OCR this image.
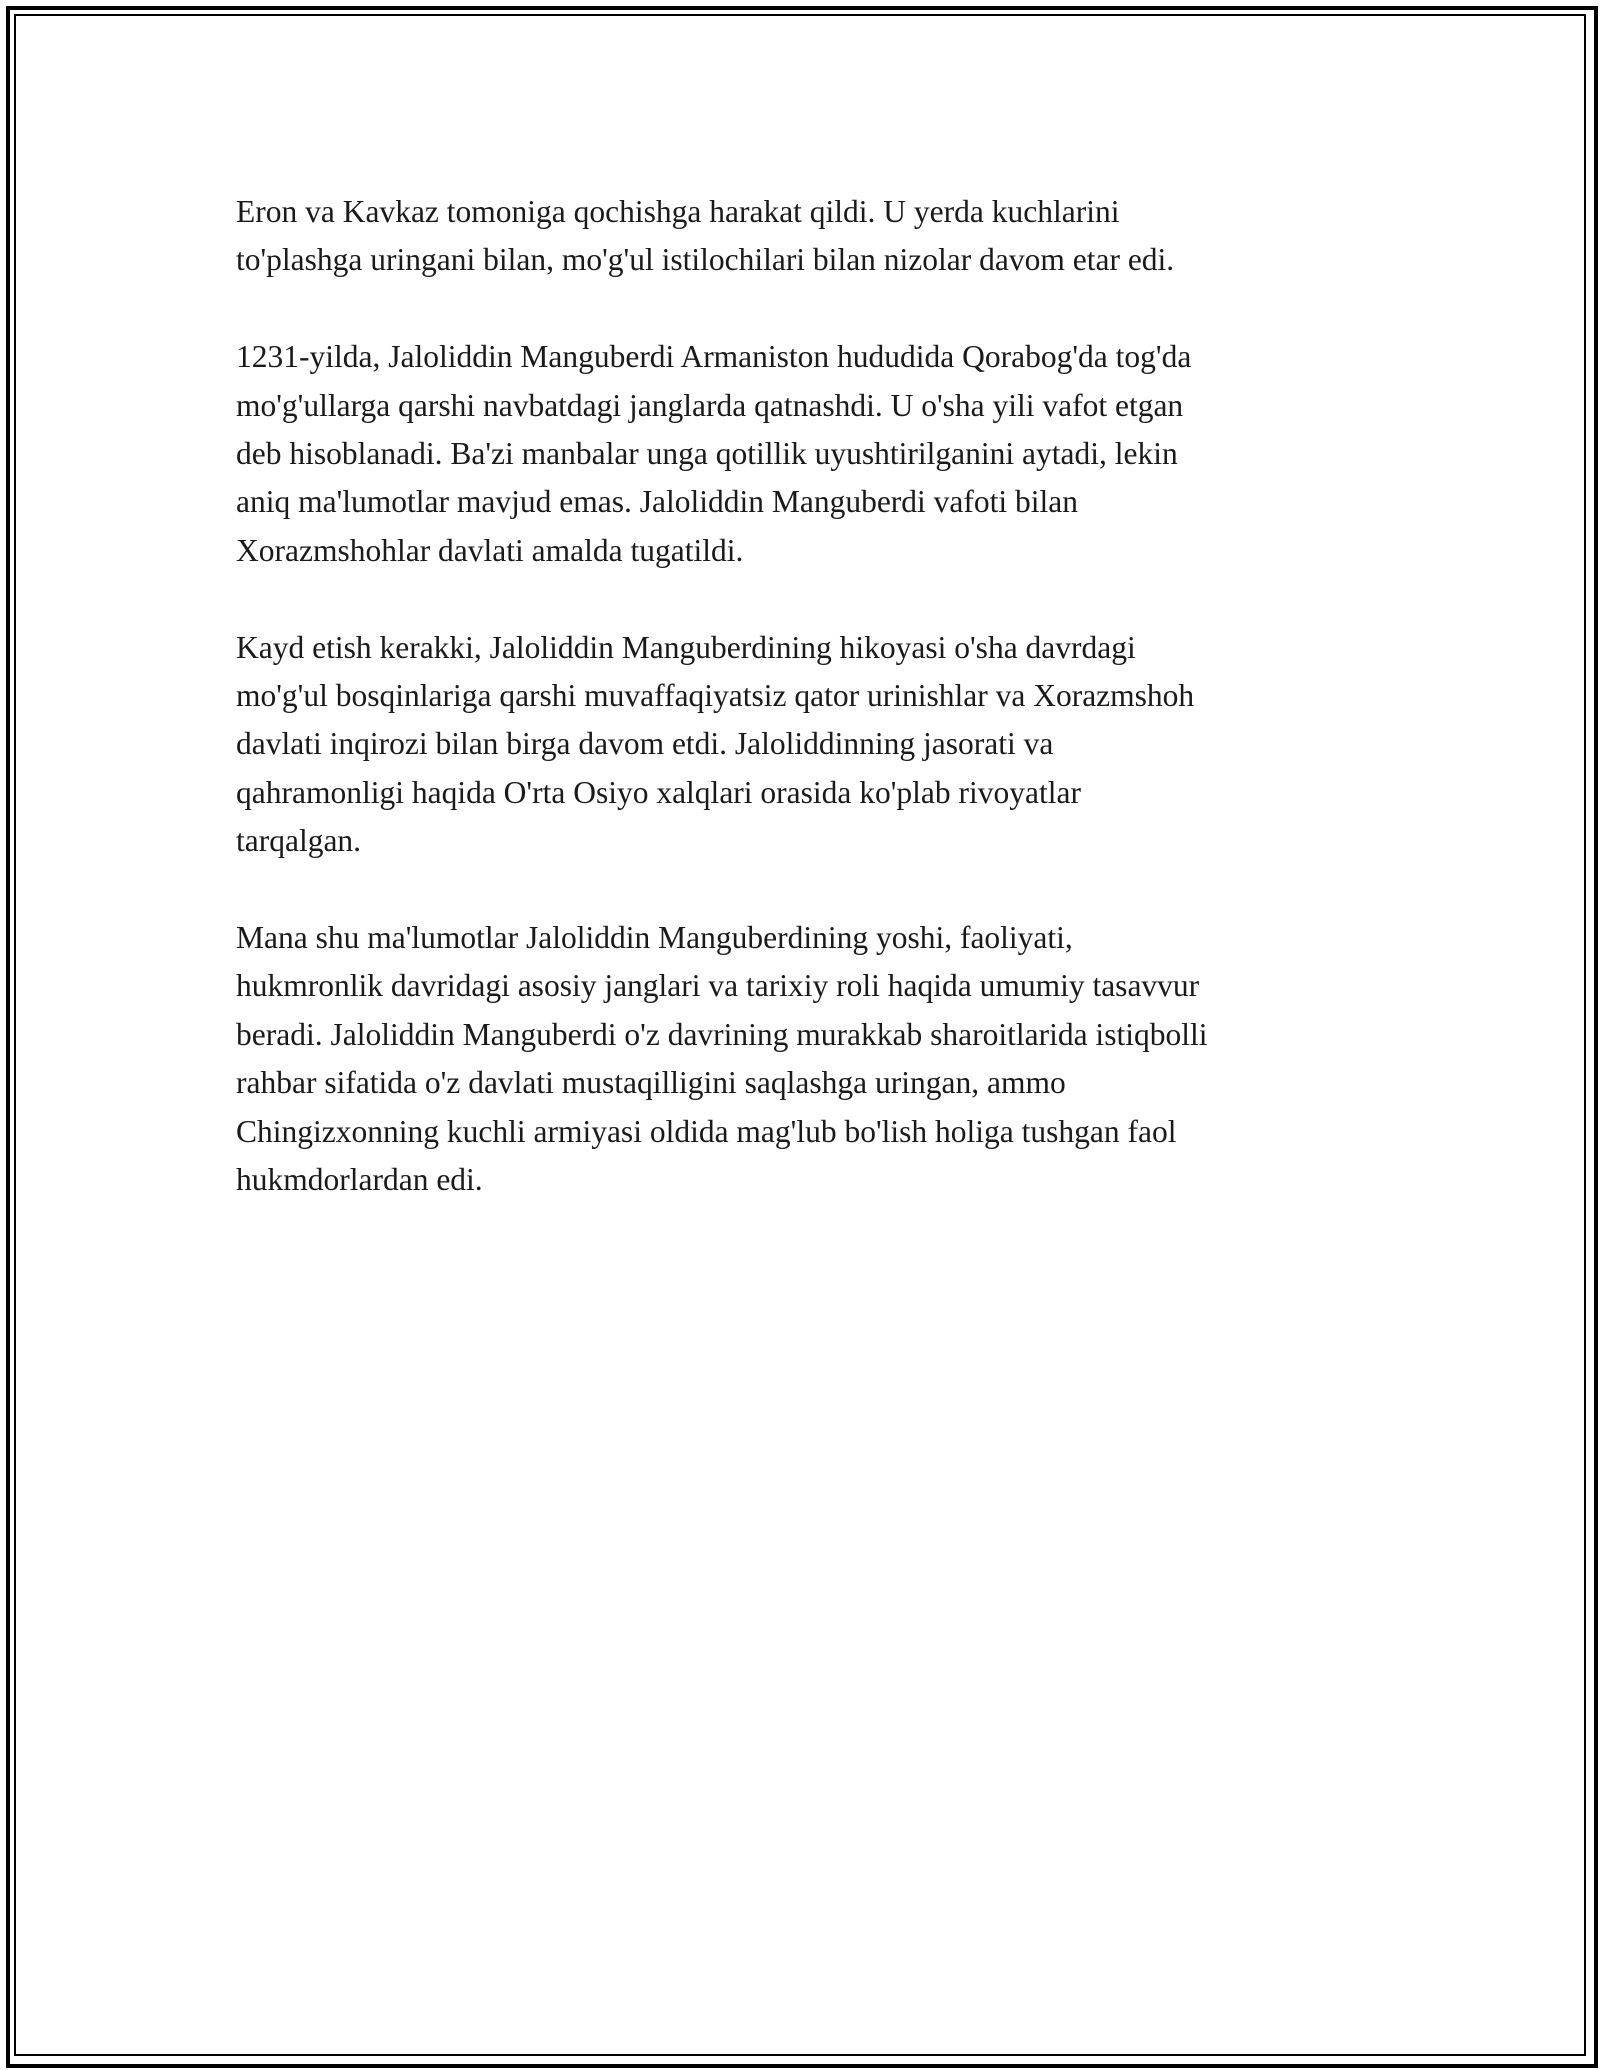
Eron va Kavkaz tomoniga qochishga harakat qildi. U yerda kuchlarini
to'plashga uringani bilan, mo'g'ul istilochilari bilan nizolar davom etar edi.

1231-yilda, Jaloliddin Manguberdi Armaniston hududida Qorabog'da tog'da
mo'g'ullarga qarshi navbatdagi janglarda qatnashdi. U o'sha yili vafot etgan
deb hisoblanadi. Ba'zi manbalar unga qotillik uyushtirilganini aytadi, lekin
aniq ma'lumotlar mavjud emas. Jaloliddin Manguberdi vafoti bilan
Xorazmshohlar davlati amalda tugatildi.

Kayd etish kerakki, Jaloliddin Manguberdining hikoyasi o'sha davrdagi
mo'g'ul bosqinlariga qarshi muvaffaqiyatsiz qator urinishlar va Xorazmshoh
davlati inqirozi bilan birga davom etdi. Jaloliddinning jasorati va
qahramonligi haqida O'rta Osiyo xalqlari orasida ko'plab rivoyatlar
tarqalgan.

Mana shu ma'lumotlar Jaloliddin Manguberdining yoshi, faoliyati,
hukmronlik davridagi asosiy janglari va tarixiy roli haqida umumiy tasavvur
beradi. Jaloliddin Manguberdi o'z davrining murakkab sharoitlarida istiqbolli
rahbar sifatida o'z davlati mustaqilligini saqlashga uringan, ammo
Chingizxonning kuchli armiyasi oldida mag'lub bo'lish holiga tushgan faol
hukmdorlardan edi.
